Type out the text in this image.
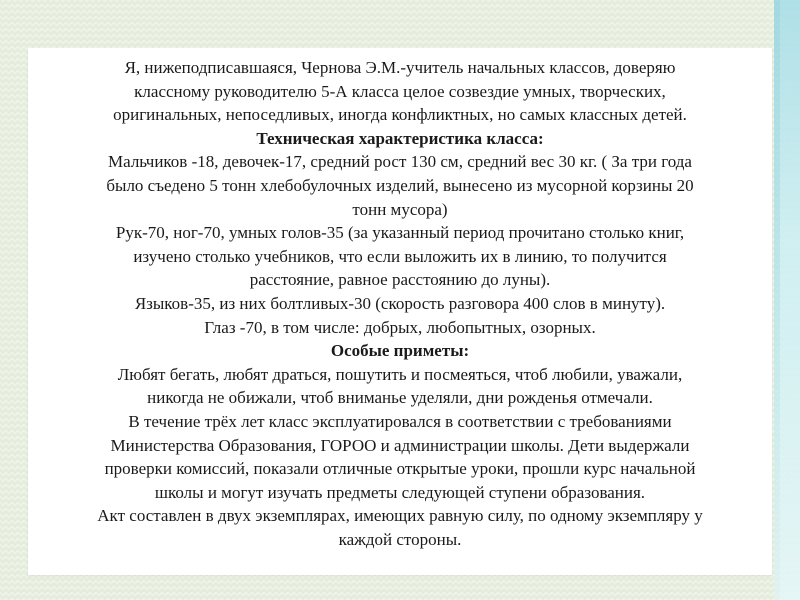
Я, нижеподписавшаяся, Чернова Э.М.-учитель начальных классов, доверяю
классному руководителю 5-А класса целое созвездие умных, творческих,
оригинальных, непоседливых, иногда конфликтных, но самых классных детей.
Техническая характеристика класса:
Мальчиков -18, девочек-17, средний рост 130 см, средний вес 30 кг. ( За три года
было съедено 5 тонн хлебобулочных изделий, вынесено из мусорной корзины 20
тонн мусора)
Рук-70, ног-70, умных голов-35 (за указанный период прочитано столько книг,
изучено столько учебников, что если выложить их в линию, то получится
расстояние, равное расстоянию до луны).
Языков-35, из них болтливых-30 (скорость разговора 400 слов в минуту).
Глаз -70, в том числе: добрых, любопытных, озорных.
Особые приметы:
Любят бегать, любят драться, пошутить и посмеяться, чтоб любили, уважали,
никогда не обижали, чтоб вниманье уделяли, дни рожденья отмечали.
В течение трёх лет класс эксплуатировался в соответствии с требованиями
Министерства Образования, ГОРОО и администрации школы. Дети выдержали
проверки комиссий, показали отличные открытые уроки, прошли курс начальной
школы и могут изучать предметы следующей ступени образования.
Акт составлен в двух экземплярах, имеющих равную силу, по одному экземпляру у
каждой стороны.
